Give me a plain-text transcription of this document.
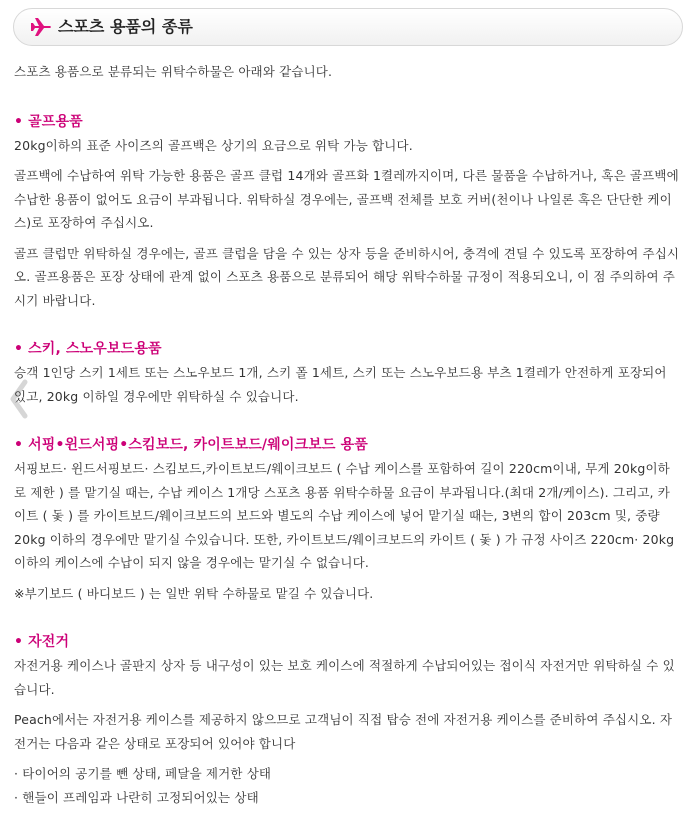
스포츠 용품의 종류

스포츠 용품으로 분류되는 위탁수하물은 아래와 같습니다.

• 골프용품

20kg이하의 표준 사이즈의 골프백은 상기의 요금으로 위탁 가능 합니다.

골프백에 수납하여 위탁 가능한 용품은 골프 클럽 14개와 골프화 1켤레까지이며, 다른 물품을 수납하거나, 혹은 골프백에 수납한 용품이 없어도 요금이 부과됩니다. 위탁하실 경우에는, 골프백 전체를 보호 커버(천이나 나일론 혹은 단단한 케이스)로 포장하여 주십시오.

골프 클럽만 위탁하실 경우에는, 골프 클럽을 담을 수 있는 상자 등을 준비하시어, 충격에 견딜 수 있도록 포장하여 주십시오. 골프용품은 포장 상태에 관계 없이 스포츠 용품으로 분류되어 해당 위탁수하물 규정이 적용되오니, 이 점 주의하여 주시기 바랍니다.

• 스키, 스노우보드용품

승객 1인당 스키 1세트 또는 스노우보드 1개, 스키 폴 1세트, 스키 또는 스노우보드용 부츠 1켤레가 안전하게 포장되어 있고, 20kg 이하일 경우에만 위탁하실 수 있습니다.

• 서핑•윈드서핑•스킴보드, 카이트보드/웨이크보드 용품

서핑보드· 윈드서핑보드· 스킴보드,카이트보드/웨이크보드 ( 수납 케이스를 포함하여 길이 220cm이내, 무게 20kg이하로 제한 ) 를 맡기실 때는, 수납 케이스 1개당 스포츠 용품 위탁수하물 요금이 부과됩니다.(최대 2개/케이스). 그리고, 카이트 ( 돛 ) 를 카이트보드/웨이크보드의 보드와 별도의 수납 케이스에 넣어 맡기실 때는, 3변의 합이 203cm 및, 중량 20kg 이하의 경우에만 맡기실 수있습니다. 또한, 카이트보드/웨이크보드의 카이트 ( 돛 ) 가 규정 사이즈 220cm· 20kg 이하의 케이스에 수납이 되지 않을 경우에는 맡기실 수 없습니다.

※부기보드 ( 바디보드 ) 는 일반 위탁 수하물로 맡길 수 있습니다.

• 자전거

자전거용 케이스나 골판지 상자 등 내구성이 있는 보호 케이스에 적절하게 수납되어있는 접이식 자전거만 위탁하실 수 있습니다.

Peach에서는 자전거용 케이스를 제공하지 않으므로 고객님이 직접 탑승 전에 자전거용 케이스를 준비하여 주십시오. 자전거는 다음과 같은 상태로 포장되어 있어야 합니다

· 타이어의 공기를 뺀 상태, 페달을 제거한 상태

· 핸들이 프레임과 나란히 고정되어있는 상태
